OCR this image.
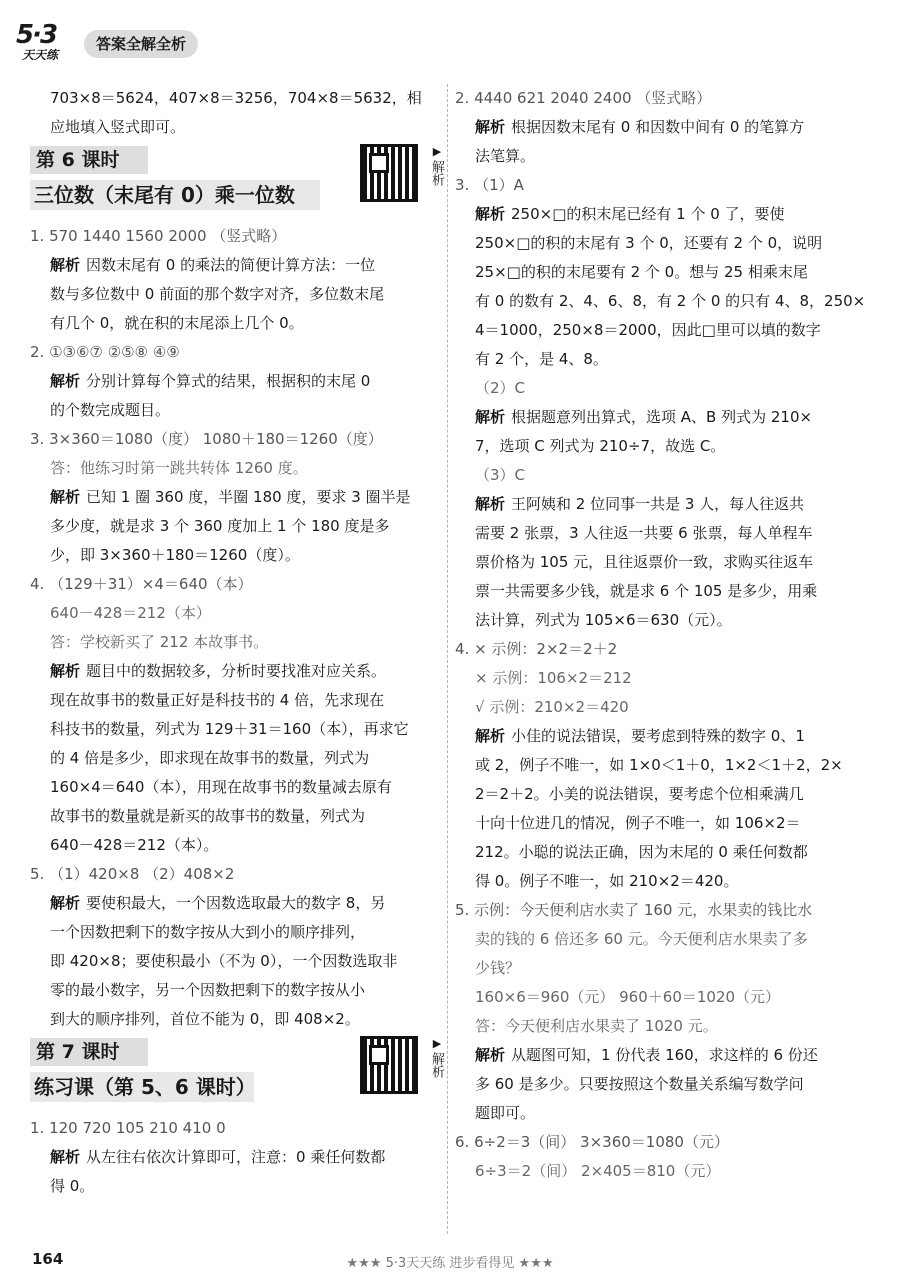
5·3
天天练
答案全解全析
703×8＝5624，407×8＝3256，704×8＝5632，相
应地填入竖式即可。
第 6 课时
三位数（末尾有 0）乘一位数
▶
解析
1. 570 1440 1560 2000 （竖式略）
解析 因数末尾有 0 的乘法的简便计算方法：一位
数与多位数中 0 前面的那个数字对齐，多位数末尾
有几个 0，就在积的末尾添上几个 0。
2. ①③⑥⑦ ②⑤⑧ ④⑨
解析 分别计算每个算式的结果，根据积的末尾 0
的个数完成题目。
3. 3×360＝1080（度） 1080＋180＝1260（度）
答：他练习时第一跳共转体 1260 度。
解析 已知 1 圈 360 度，半圈 180 度，要求 3 圈半是
多少度，就是求 3 个 360 度加上 1 个 180 度是多
少，即 3×360＋180＝1260（度）。
4. （129＋31）×4＝640（本）
640－428＝212（本）
答：学校新买了 212 本故事书。
解析 题目中的数据较多，分析时要找准对应关系。
现在故事书的数量正好是科技书的 4 倍，先求现在
科技书的数量，列式为 129＋31＝160（本），再求它
的 4 倍是多少，即求现在故事书的数量，列式为
160×4＝640（本），用现在故事书的数量减去原有
故事书的数量就是新买的故事书的数量，列式为
640－428＝212（本）。
5. （1）420×8 （2）408×2
解析 要使积最大，一个因数选取最大的数字 8，另
一个因数把剩下的数字按从大到小的顺序排列，
即 420×8；要使积最小（不为 0），一个因数选取非
零的最小数字，另一个因数把剩下的数字按从小
到大的顺序排列，首位不能为 0，即 408×2。
第 7 课时
练习课（第 5、6 课时）
▶
解析
1. 120 720 105 210 410 0
解析 从左往右依次计算即可，注意：0 乘任何数都
得 0。
2. 4440 621 2040 2400 （竖式略）
解析 根据因数末尾有 0 和因数中间有 0 的笔算方
法笔算。
3. （1）A
解析 250×□的积末尾已经有 1 个 0 了，要使
250×□的积的末尾有 3 个 0，还要有 2 个 0，说明
25×□的积的末尾要有 2 个 0。想与 25 相乘末尾
有 0 的数有 2、4、6、8，有 2 个 0 的只有 4、8，250×
4＝1000，250×8＝2000，因此□里可以填的数字
有 2 个，是 4、8。
（2）C
解析 根据题意列出算式，选项 A、B 列式为 210×
7，选项 C 列式为 210÷7，故选 C。
（3）C
解析 王阿姨和 2 位同事一共是 3 人，每人往返共
需要 2 张票，3 人往返一共要 6 张票，每人单程车
票价格为 105 元，且往返票价一致，求购买往返车
票一共需要多少钱，就是求 6 个 105 是多少，用乘
法计算，列式为 105×6＝630（元）。
4. × 示例：2×2＝2＋2
× 示例：106×2＝212
√ 示例：210×2＝420
解析 小佳的说法错误，要考虑到特殊的数字 0、1
或 2，例子不唯一，如 1×0＜1＋0，1×2＜1＋2，2×
2＝2＋2。小美的说法错误，要考虑个位相乘满几
十向十位进几的情况，例子不唯一，如 106×2＝
212。小聪的说法正确，因为末尾的 0 乘任何数都
得 0。例子不唯一，如 210×2＝420。
5. 示例：今天便利店水卖了 160 元，水果卖的钱比水
卖的钱的 6 倍还多 60 元。今天便利店水果卖了多
少钱？
160×6＝960（元） 960＋60＝1020（元）
答：今天便利店水果卖了 1020 元。
解析 从题图可知，1 份代表 160，求这样的 6 份还
多 60 是多少。只要按照这个数量关系编写数学问
题即可。
6. 6÷2＝3（间） 3×360＝1080（元）
6÷3＝2（间） 2×405＝810（元）
164	★★★ 5·3天天练 进步看得见 ★★★
